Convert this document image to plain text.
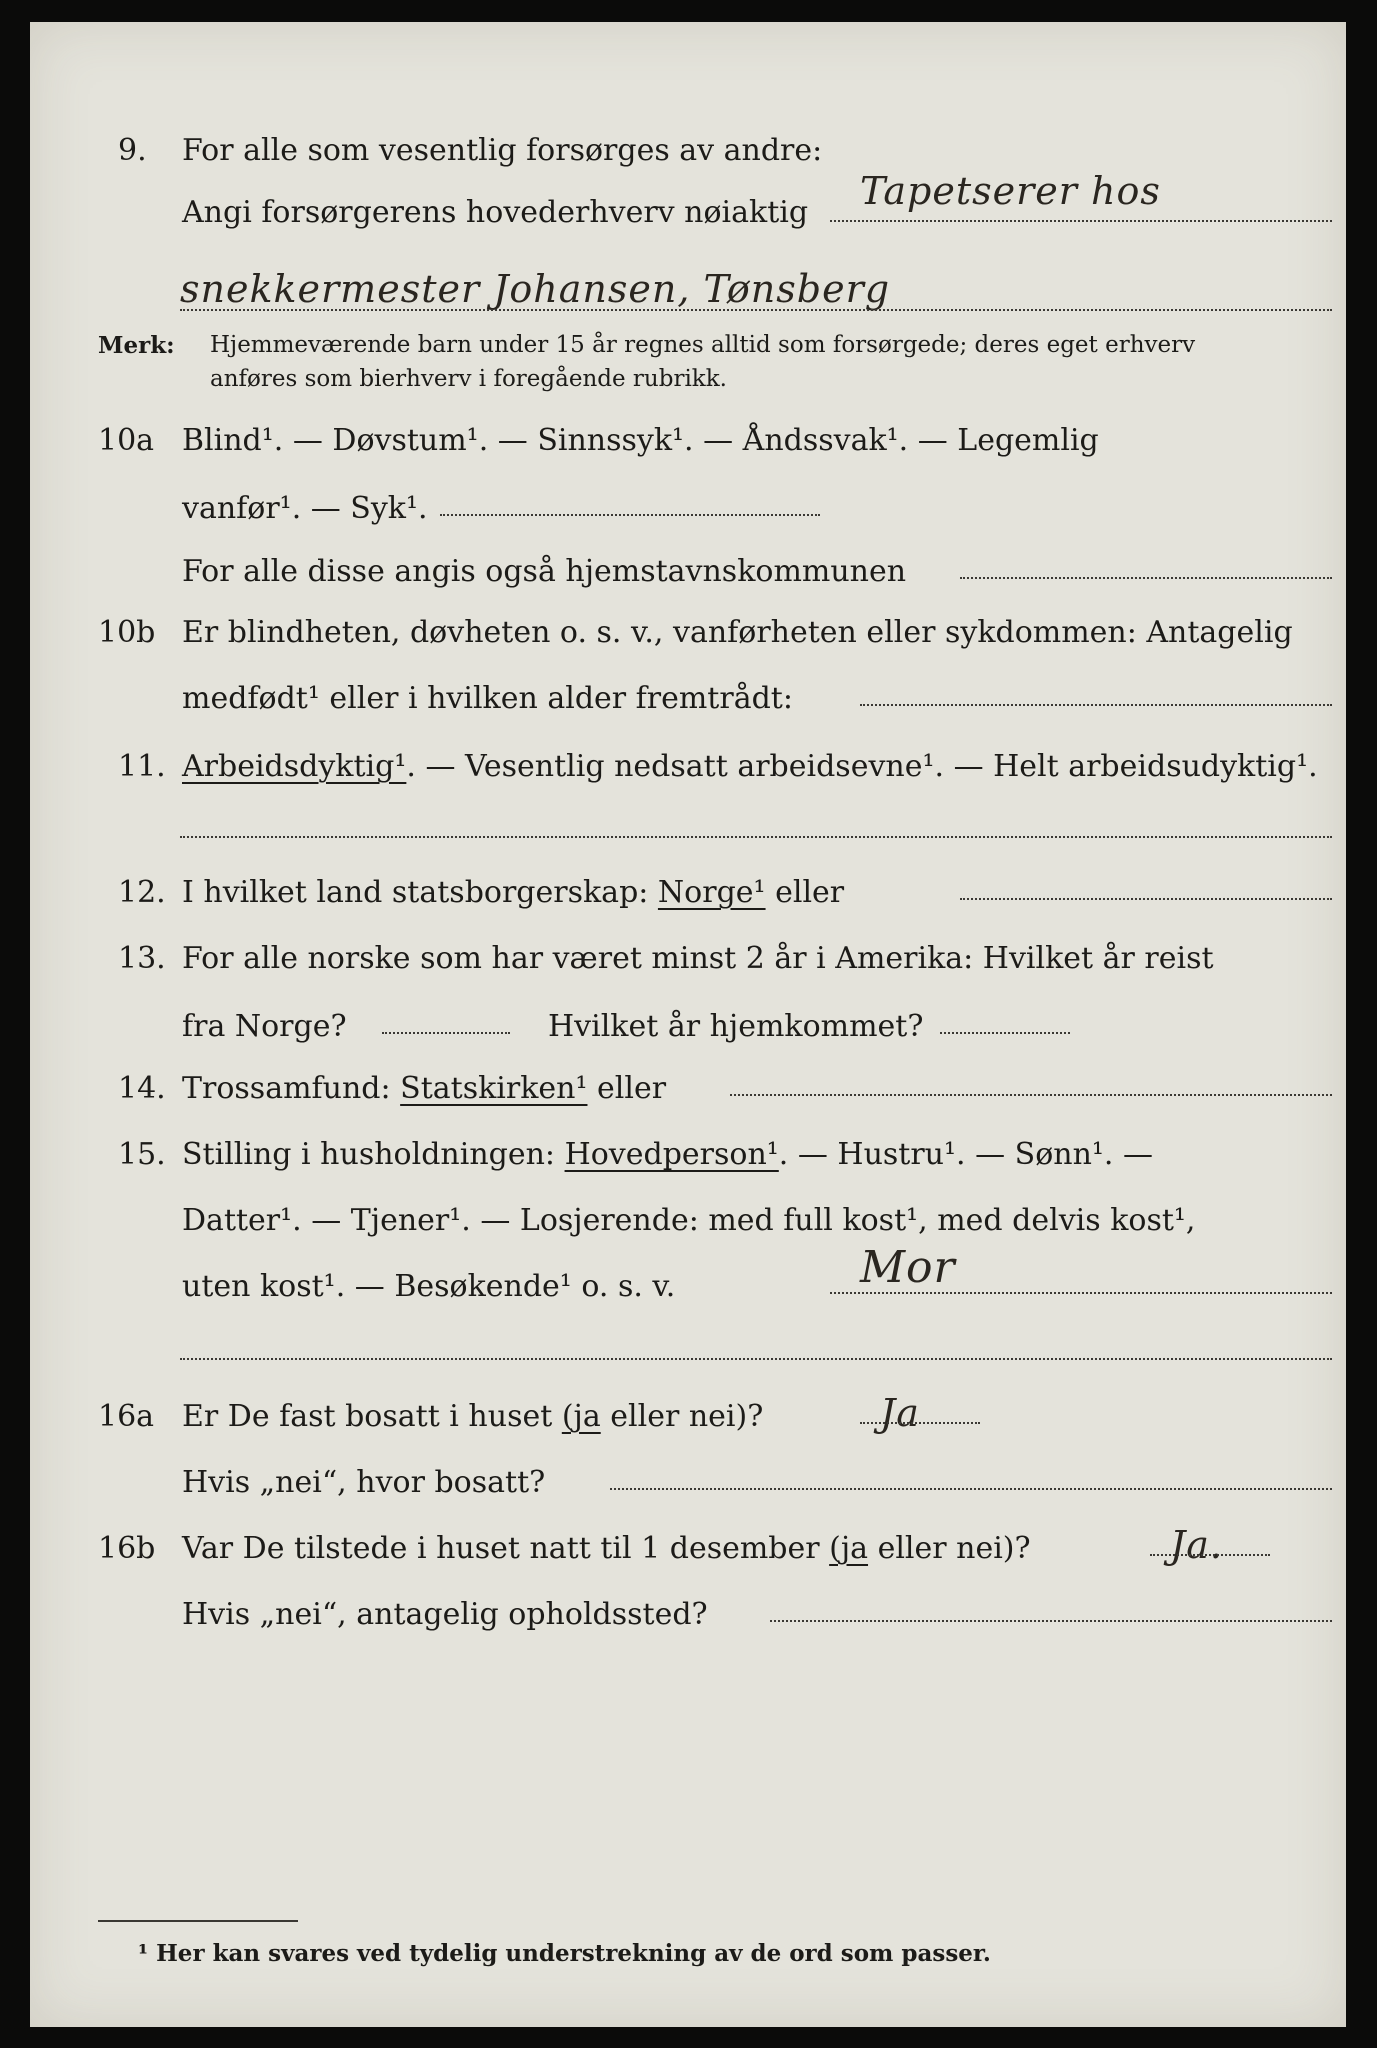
9. For alle som vesentlig forsørges av andre:
Angi forsørgerens hovederhverv nøiaktig Tapetserer hos
snekkermester Johansen, Tønsberg
Merk: Hjemmeværende barn under 15 år regnes alltid som forsørgede; deres eget erhverv
anføres som bierhverv i foregående rubrikk.
10a Blind¹. — Døvstum¹. — Sinnssyk¹. — Åndssvak¹. — Legemlig
vanfør¹. — Syk¹.
For alle disse angis også hjemstavnskommunen
10b Er blindheten, døvheten o. s. v., vanførheten eller sykdommen: Antagelig
medfødt¹ eller i hvilken alder fremtrådt:
11. Arbeidsdyktig¹. — Vesentlig nedsatt arbeidsevne¹. — Helt arbeidsudyktig¹.
12. I hvilket land statsborgerskap: Norge¹ eller
13. For alle norske som har været minst 2 år i Amerika: Hvilket år reist
fra Norge?	Hvilket år hjemkommet?
14. Trossamfund: Statskirken¹ eller
15. Stilling i husholdningen: Hovedperson¹. — Hustru¹. — Sønn¹. —
Datter¹. — Tjener¹. — Losjerende: med full kost¹, med delvis kost¹,
uten kost¹. — Besøkende¹ o. s. v.	Mor
16a Er De fast bosatt i huset (ja eller nei)?	Ja
Hvis „nei“, hvor bosatt?
16b Var De tilstede i huset natt til 1 desember (ja eller nei)?	Ja.
Hvis „nei“, antagelig opholdssted?
¹ Her kan svares ved tydelig understrekning av de ord som passer.
